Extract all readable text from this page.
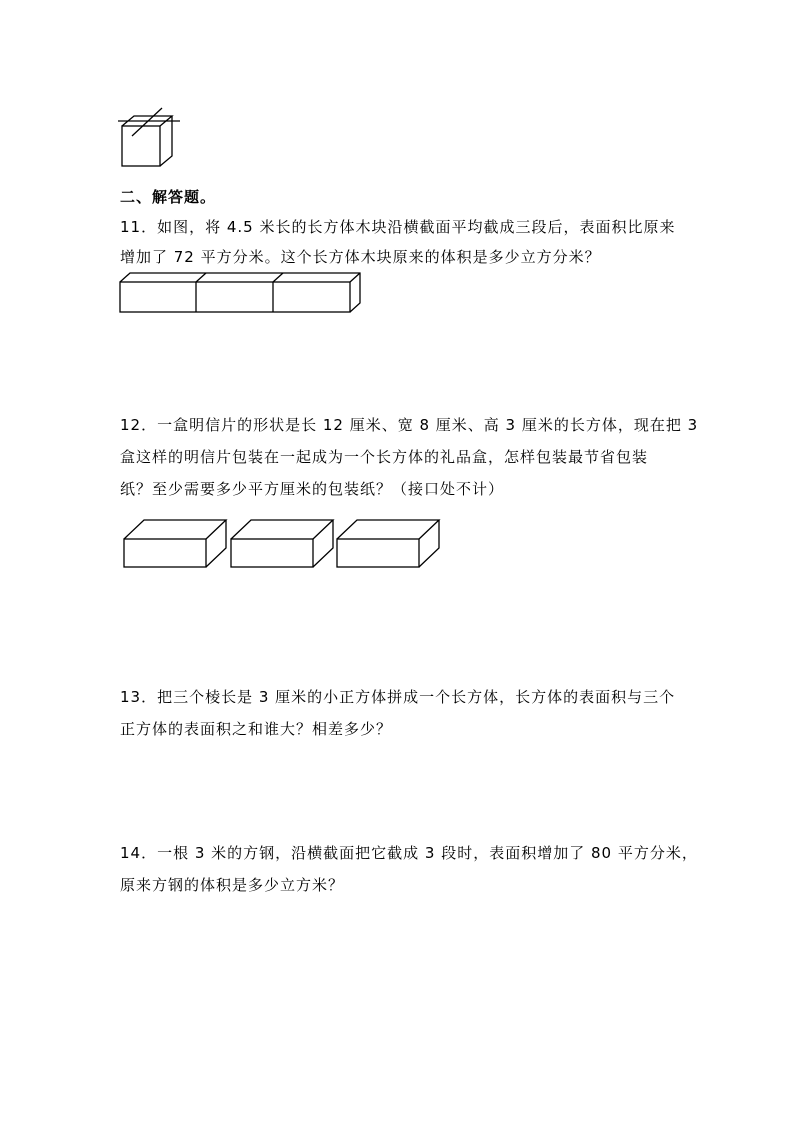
二、解答题。
11．如图，将 4.5 米长的长方体木块沿横截面平均截成三段后，表面积比原来
增加了 72 平方分米。这个长方体木块原来的体积是多少立方分米？
12．一盒明信片的形状是长 12 厘米、宽 8 厘米、高 3 厘米的长方体，现在把 3
盒这样的明信片包装在一起成为一个长方体的礼品盒，怎样包装最节省包装
纸？至少需要多少平方厘米的包装纸？（接口处不计）
13．把三个棱长是 3 厘米的小正方体拼成一个长方体，长方体的表面积与三个
正方体的表面积之和谁大？相差多少？
14．一根 3 米的方钢，沿横截面把它截成 3 段时，表面积增加了 80 平方分米，
原来方钢的体积是多少立方米？
